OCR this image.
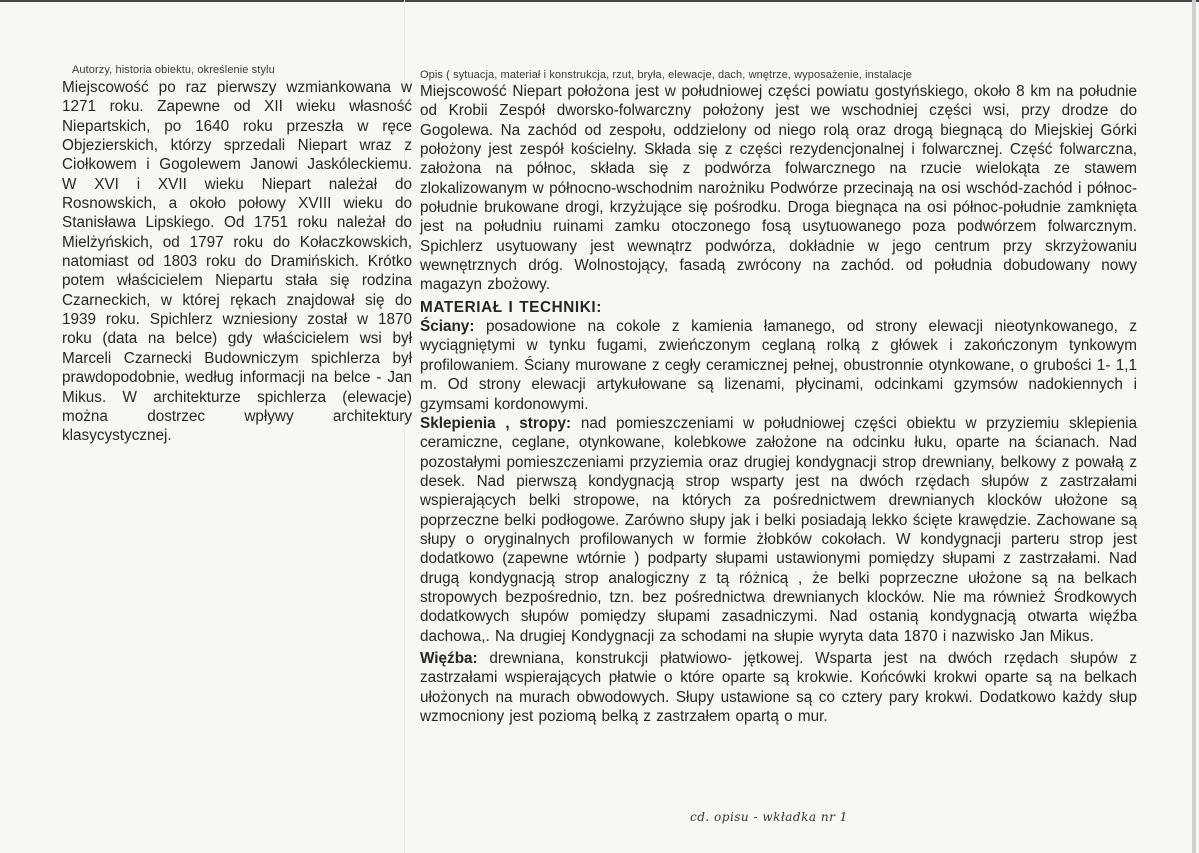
Autorzy, historia obiektu, określenie stylu

Miejscowość po raz pierwszy wzmiankowana w 1271 roku. Zapewne od XII wieku własność Niepartskich, po 1640 roku przeszła w ręce Objezierskich, którzy sprzedali Niepart wraz z Ciołkowem i Gogolewem Janowi Jaskóleckiemu. W XVI i XVII wieku Niepart należał do Rosnowskich, a około połowy XVIII wieku do Stanisława Lipskiego. Od 1751 roku należał do Mielżyńskich, od 1797 roku do Kołaczkowskich, natomiast od 1803 roku do Dramińskich. Krótko potem właścicielem Niepartu stała się rodzina Czarneckich, w której rękach znajdował się do 1939 roku. Spichlerz wzniesiony został w 1870 roku (data na belce) gdy właścicielem wsi był Marceli Czarnecki Budowniczym spichlerza był prawdopodobnie, według informacji na belce - Jan Mikus. W architekturze spichlerza (elewacje) można dostrzec wpływy architektury klasycystycznej.

Opis ( sytuacja, materiał i konstrukcja, rzut, bryła, elewacje, dach, wnętrze, wyposażenie, instalacje

Miejscowość Niepart położona jest w południowej części powiatu gostyńskiego, około 8 km na południe od Krobii Zespół dworsko-folwarczny położony jest we wschodniej części wsi, przy drodze do Gogolewa. Na zachód od zespołu, oddzielony od niego rolą oraz drogą biegnącą do Miejskiej Górki położony jest zespół kościelny. Składa się z części rezydencjonalnej i folwarcznej. Część folwarczna, założona na północ, składa się z podwórza folwarcznego na rzucie wielokąta ze stawem zlokalizowanym w północno-wschodnim narożniku Podwórze przecinają na osi wschód-zachód i północ-południe brukowane drogi, krzyżujące się pośrodku. Droga biegnąca na osi północ-południe zamknięta jest na południu ruinami zamku otoczonego fosą usytuowanego poza podwórzem folwarcznym. Spichlerz usytuowany jest wewnątrz podwórza, dokładnie w jego centrum przy skrzyżowaniu wewnętrznych dróg. Wolnostojący, fasadą zwrócony na zachód. od południa dobudowany nowy magazyn zbożowy.

MATERIAŁ I TECHNIKI:

Ściany: posadowione na cokole z kamienia łamanego, od strony elewacji nieotynkowanego, z wyciągniętymi w tynku fugami, zwieńczonym ceglaną rolką z główek i zakończonym tynkowym profilowaniem. Ściany murowane z cegły ceramicznej pełnej, obustronnie otynkowane, o grubości 1- 1,1 m. Od strony elewacji artykułowane są lizenami, płycinami, odcinkami gzymsów nadokiennych i gzymsami kordonowymi.

Sklepienia , stropy: nad pomieszczeniami w południowej części obiektu w przyziemiu sklepienia ceramiczne, ceglane, otynkowane, kolebkowe założone na odcinku łuku, oparte na ścianach. Nad pozostałymi pomieszczeniami przyziemia oraz drugiej kondygnacji strop drewniany, belkowy z powałą z desek. Nad pierwszą kondygnacją strop wsparty jest na dwóch rzędach słupów z zastrzałami wspierających belki stropowe, na których za pośrednictwem drewnianych klocków ułożone są poprzeczne belki podłogowe. Zarówno słupy jak i belki posiadają lekko ścięte krawędzie. Zachowane są słupy o oryginalnych profilowanych w formie żłobków cokołach. W kondygnacji parteru strop jest dodatkowo (zapewne wtórnie ) podparty słupami ustawionymi pomiędzy słupami z zastrzałami. Nad drugą kondygnacją strop analogiczny z tą różnicą , że belki poprzeczne ułożone są na belkach stropowych bezpośrednio, tzn. bez pośrednictwa drewnianych klocków. Nie ma również Środkowych dodatkowych słupów pomiędzy słupami zasadniczymi. Nad ostanią kondygnacją otwarta więźba dachowa,. Na drugiej Kondygnacji za schodami na słupie wyryta data 1870 i nazwisko Jan Mikus.

Więźba: drewniana, konstrukcji płatwiowo- jętkowej. Wsparta jest na dwóch rzędach słupów z zastrzałami wspierających płatwie o które oparte są krokwie. Końcówki krokwi oparte są na belkach ułożonych na murach obwodowych. Słupy ustawione są co cztery pary krokwi. Dodatkowo każdy słup wzmocniony jest poziomą belką z zastrzałem opartą o mur.

cd. opisu - wkładka nr 1
